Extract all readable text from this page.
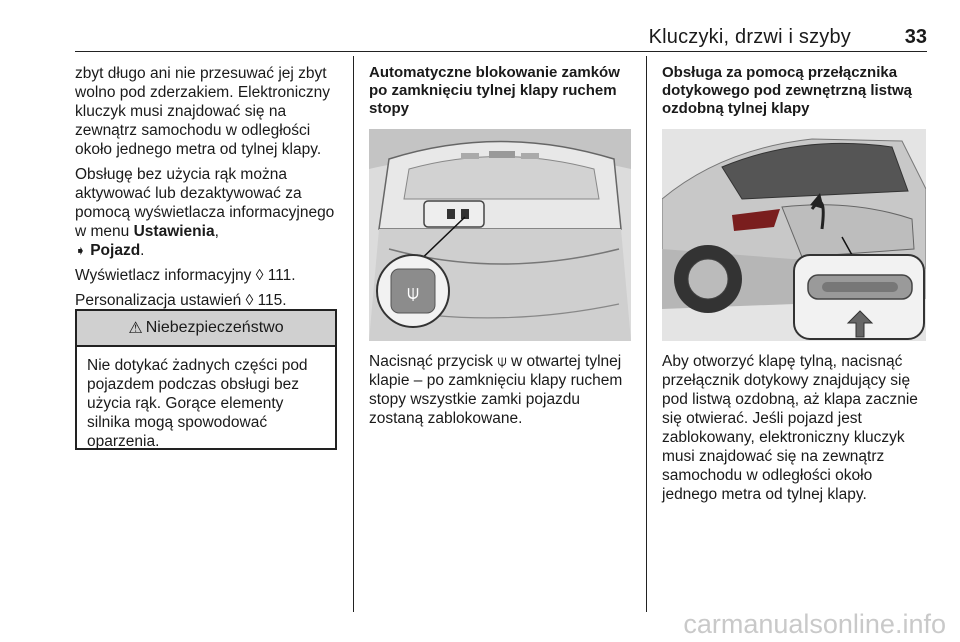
Kluczyki, drzwi i szyby	33

zbyt długo ani nie przesuwać jej zbyt wolno pod zderzakiem. Elektroniczny kluczyk musi znajdować się na zewnątrz samochodu w odległości około jednego metra od tylnej klapy.

Obsługę bez użycia rąk można aktywować lub dezaktywować za pomocą wyświetlacza informacyjnego w menu Ustawienia,
➧ Pojazd.

Wyświetlacz informacyjny ◊ 111.

Personalizacja ustawień ◊ 115.

⚠ Niebezpieczeństwo
Nie dotykać żadnych części pod pojazdem podczas obsługi bez użycia rąk. Gorące elementy silnika mogą spowodować oparzenia.
Automatyczne blokowanie zamków po zamknięciu tylnej klapy ruchem stopy
⍦

Nacisnąć przycisk ⍦ w otwartej tylnej klapie – po zamknięciu klapy ruchem stopy wszystkie zamki pojazdu zostaną zablokowane.

Obsługa za pomocą przełącznika dotykowego pod zewnętrzną listwą ozdobną tylnej klapy

Aby otworzyć klapę tylną, nacisnąć przełącznik dotykowy znajdujący się pod listwą ozdobną, aż klapa zacznie się otwierać. Jeśli pojazd jest zablokowany, elektroniczny kluczyk musi znajdować się na zewnątrz samochodu w odległości około jednego metra od tylnej klapy.

carmanualsonline.info
